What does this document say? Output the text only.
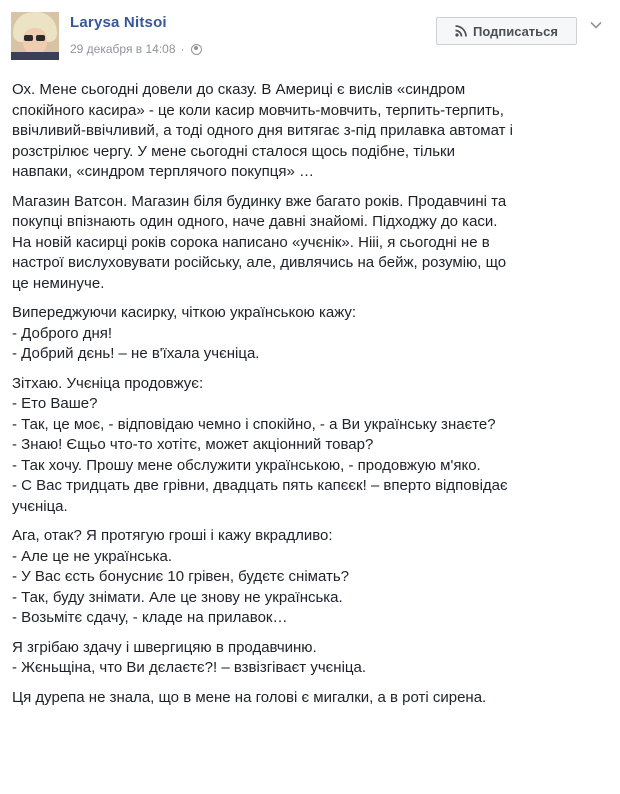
Larysa Nitsoi
29 декабря в 14:08 ·
Подписаться

Ох. Мене сьогодні довели до сказу. В Америці є вислів «синдром
спокійного касира» - це коли касир мовчить-мовчить, терпить-терпить,
ввічливий-ввічливий, а тоді одного дня витягає з-під прилавка автомат і
розстрілює чергу. У мене сьогодні сталося щось подібне, тільки
навпаки, «синдром терплячого покупця» …

Магазин Ватсон. Магазин біля будинку вже багато років. Продавчині та
покупці впізнають один одного, наче давні знайомі. Підходжу до каси.
На новій касирці років сорока написано «учєнік». Нііі, я сьогодні не в
настрої вислуховувати російську, але, дивлячись на бейж, розумію, що
це неминуче.

Випереджуючи касирку, чіткою українською кажу:
- Доброго дня!
- Добрий дєнь! – не в'їхала учєніца.

Зітхаю. Учєніца продовжує:
- Ето Ваше?
- Так, це моє, - відповідаю чемно і спокійно, - а Ви українську знаєте?
- Знаю! Єщьо что-то хотітє, может акціонний товар?
- Так хочу. Прошу мене обслужити українською, - продовжую м'яко.
- С Вас тридцать две грівни, двадцать пять капєєк! – вперто відповідає
учєніца.

Ага, отак? Я протягую гроші і кажу вкрадливо:
- Але це не українська.
- У Вас єсть бонусниє 10 грівен, будєтє снімать?
- Так, буду знімати. Але це знову не українська.
- Возьмітє сдачу, - кладе на прилавок…

Я згрібаю здачу і швергицяю в продавчиню.
- Жєньщіна, что Ви дєлаєтє?! – взвізгіваєт учєніца.

Ця дурепа не знала, що в мене на голові є мигалки, а в роті сирена.
